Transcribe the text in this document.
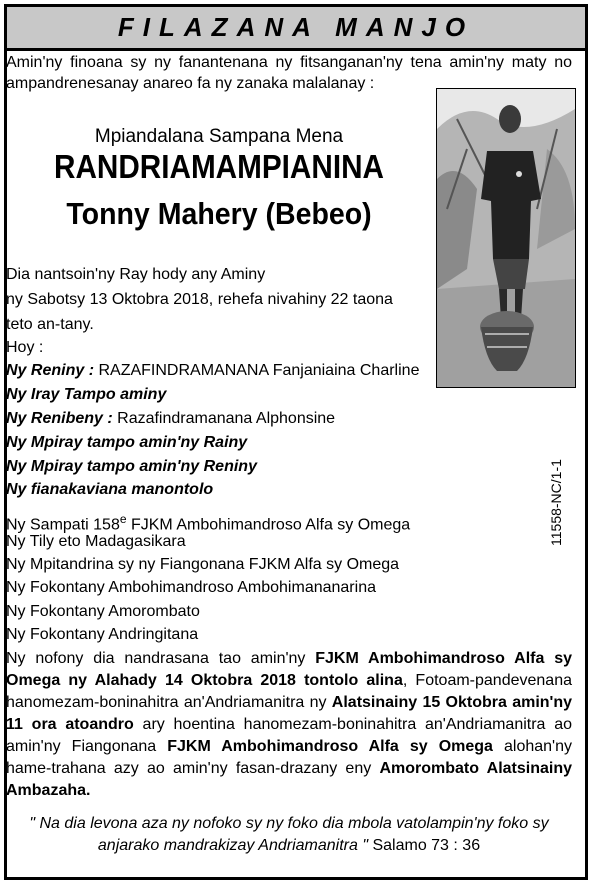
FILAZANA MANJO
Amin'ny finoana sy ny fanantenana ny fitsanganan'ny tena amin'ny maty no ampandrenesanay anareo fa ny zanaka malalanay :
Mpiandalana Sampana Mena
RANDRIAMAMPIANINA
Tonny Mahery (Bebeo)
Dia nantsoin'ny Ray hody any Aminy
ny Sabotsy 13 Oktobra 2018, rehefa nivahiny 22 taona
teto an-tany.
Hoy :
Ny Reniny : RAZAFINDRAMANANA Fanjaniaina Charline
Ny Iray Tampo aminy
Ny Renibeny : Razafindramanana Alphonsine
Ny Mpiray tampo amin'ny Rainy
Ny Mpiray tampo amin'ny Reniny
Ny fianakaviana manontolo
Ny Sampati 158e FJKM Ambohimandroso Alfa sy Omega
Ny Tily eto Madagasikara
Ny Mpitandrina sy ny Fiangonana FJKM Alfa sy Omega
Ny Fokontany Ambohimandroso Ambohimananarina
Ny Fokontany Amorombato
Ny Fokontany Andringitana
Ny nofony dia nandrasana tao amin'ny FJKM Ambohimandroso Alfa sy Omega ny Alahady 14 Oktobra 2018 tontolo alina, Fotoam-pandevenana hanomezam-boninahitra an'Andriamanitra ny Alatsinainy 15 Oktobra amin'ny 11 ora atoandro ary hoentina hanomezam-boninahitra an'Andriamanitra ao amin'ny Fiangonana FJKM Ambohimandroso Alfa sy Omega alohan'ny hame-trahana azy ao amin'ny fasan-drazany eny Amorombato Alatsinainy Ambazaha.
" Na dia levona aza ny nofoko sy ny foko dia mbola vatolampin'ny foko sy anjarako mandrakizay Andriamanitra " Salamo 73 : 36
11558-NC/1-1
